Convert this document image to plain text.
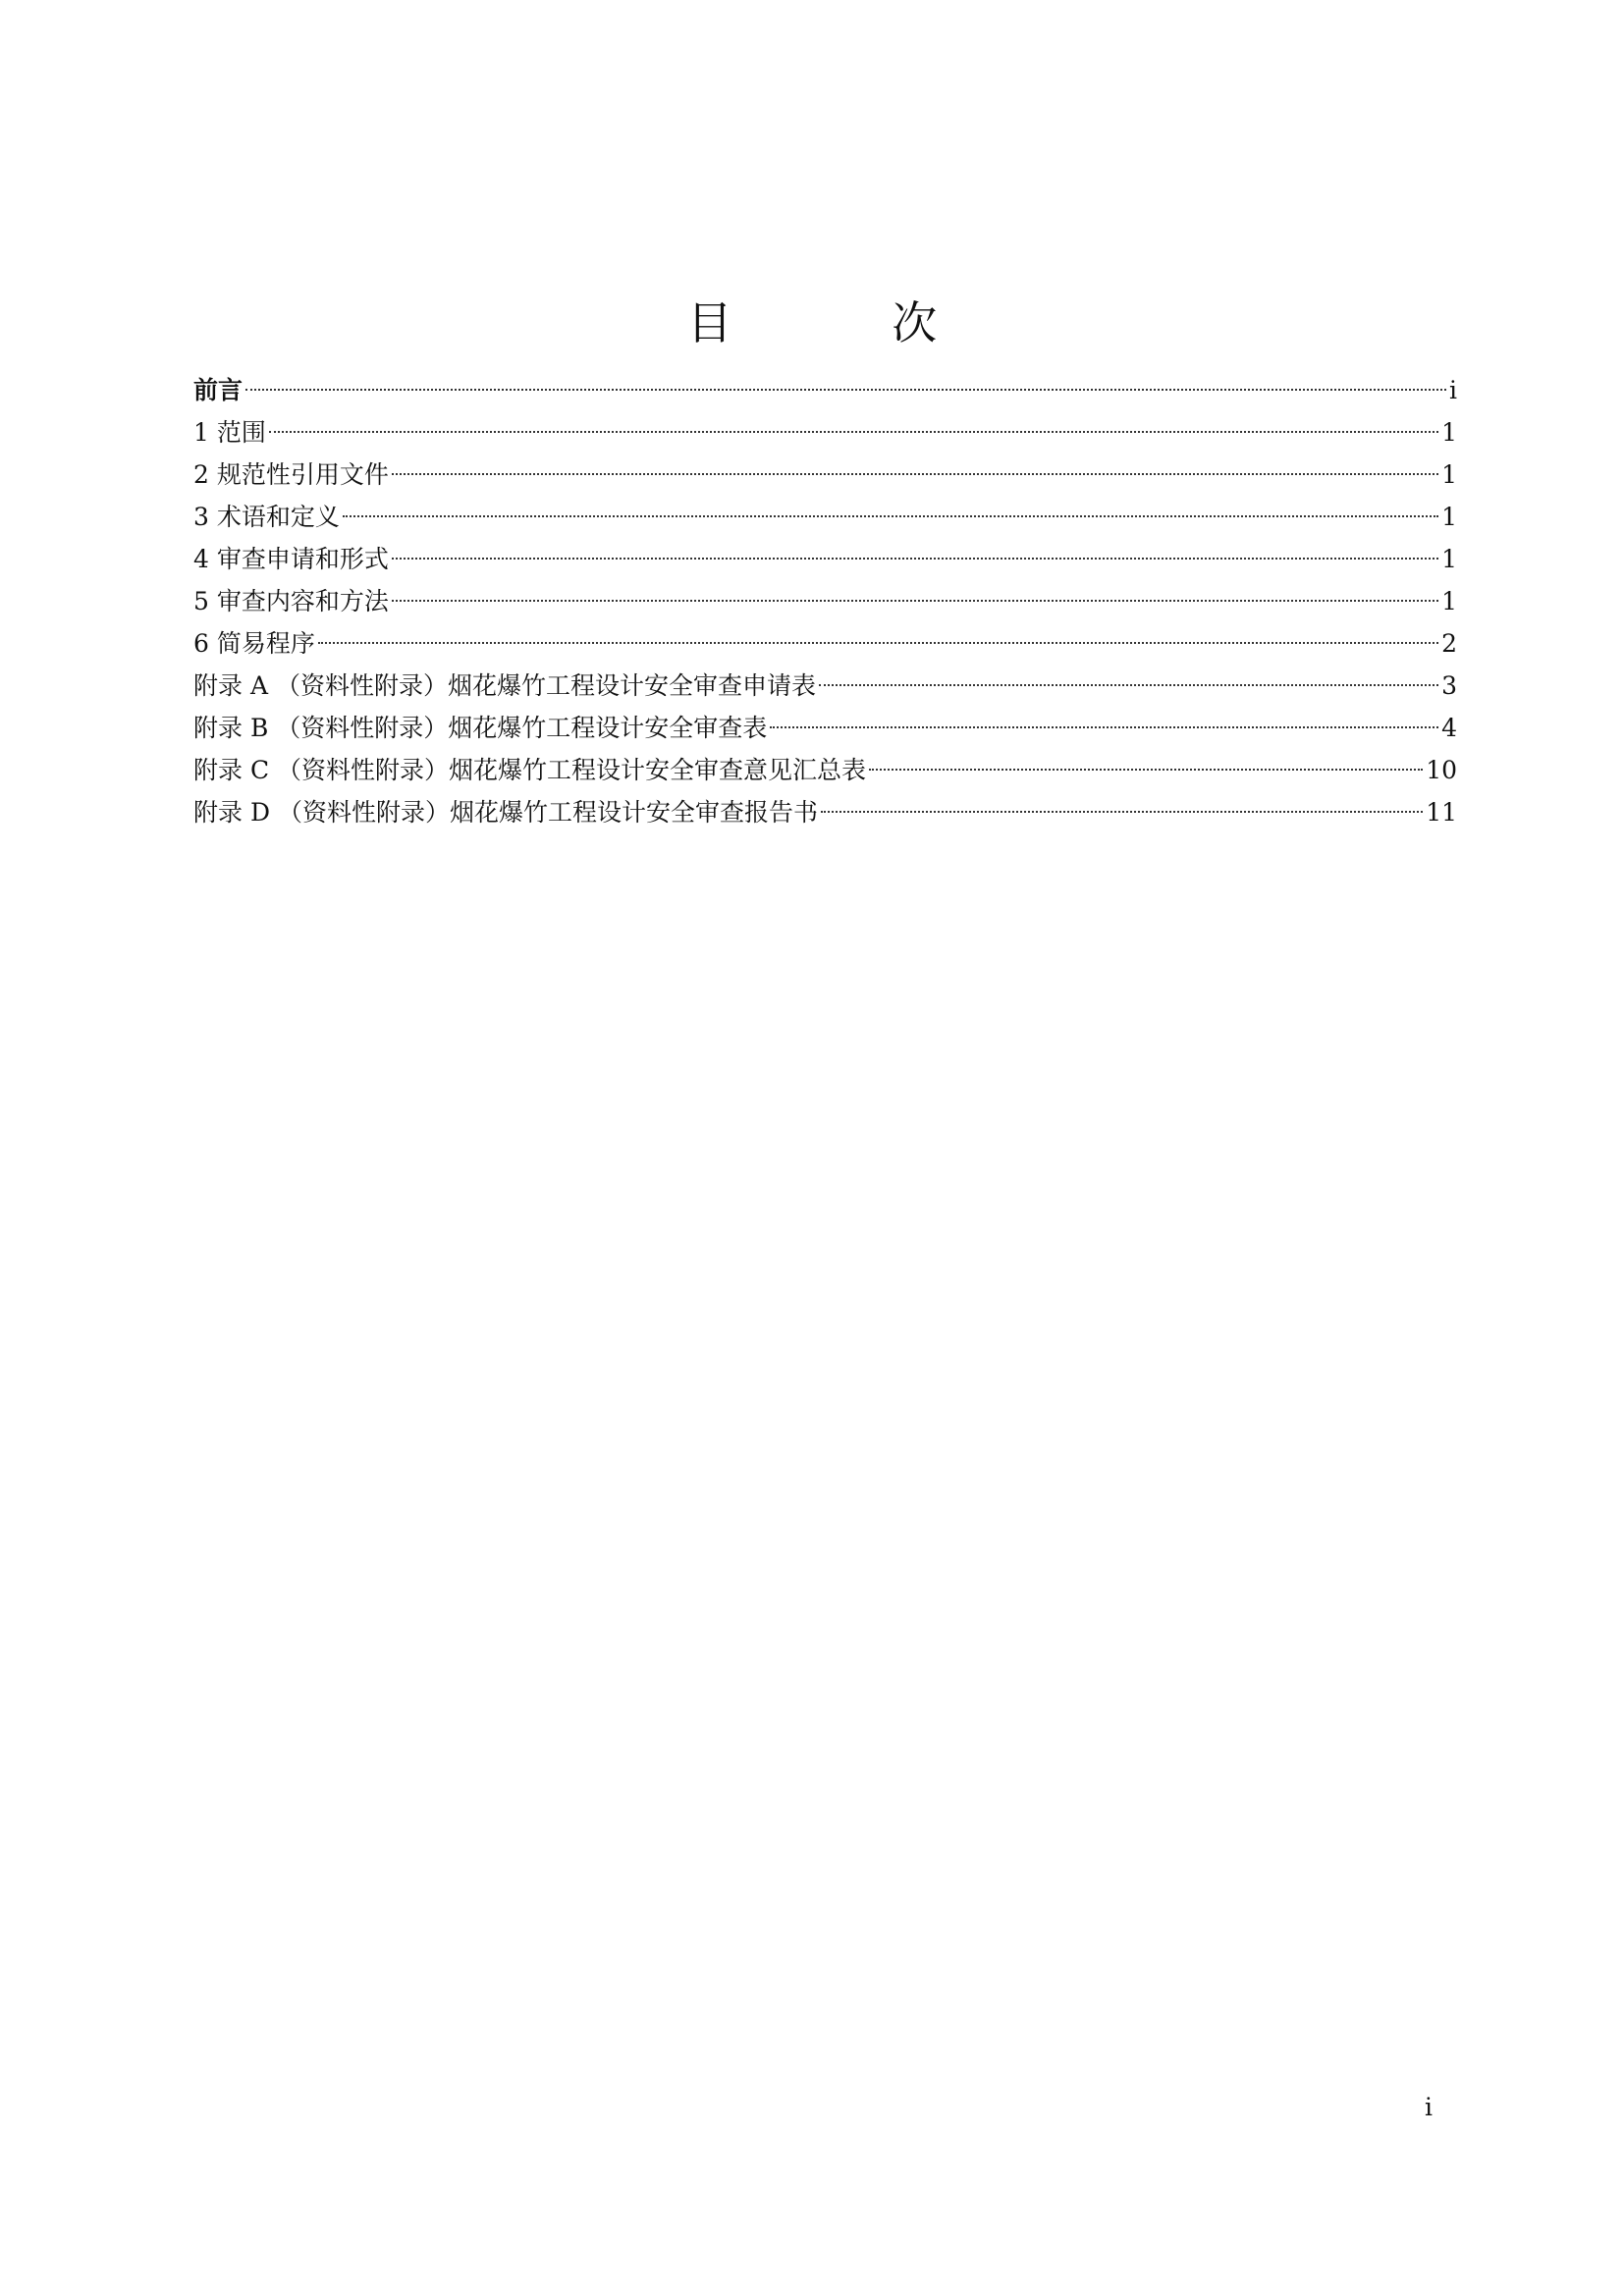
目 次
前言	i
1 范围	1
2 规范性引用文件	1
3 术语和定义	1
4 审查申请和形式	1
5 审查内容和方法	1
6 简易程序	2
附录 A （资料性附录）烟花爆竹工程设计安全审查申请表	3
附录 B （资料性附录）烟花爆竹工程设计安全审查表	4
附录 C （资料性附录）烟花爆竹工程设计安全审查意见汇总表	10
附录 D （资料性附录）烟花爆竹工程设计安全审查报告书	11
i
